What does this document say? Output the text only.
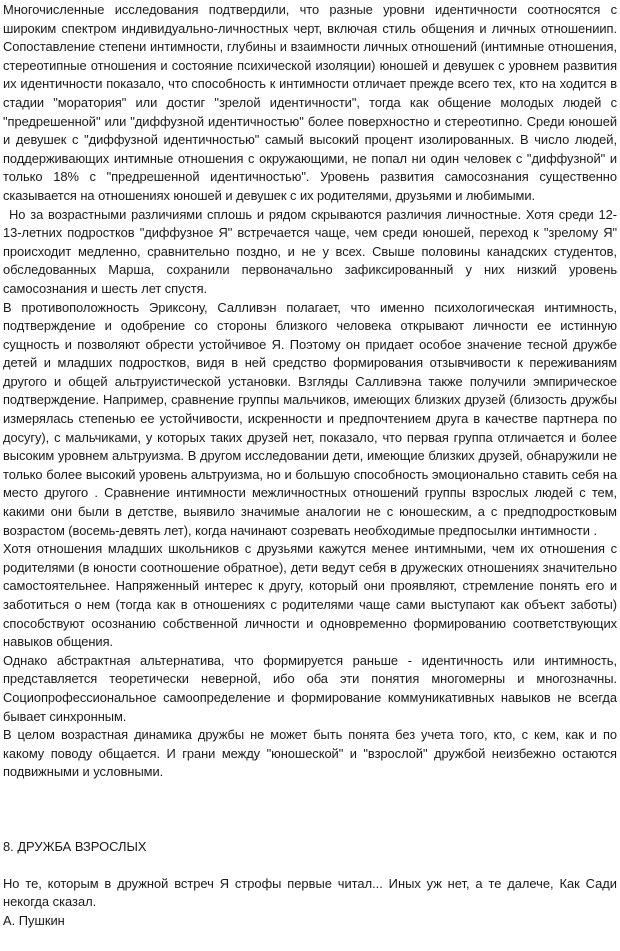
Многочисленные исследования подтвердили, что разные уровни идентичности соотносятся с широким спектром индивидуально-личностных черт, включая стиль общения и личных отношениип. Сопоставление степени интимности, глубины и взаимности личных отношений (интимные отношения, стереотипные отношения и состояние психической изоляции) юношей и девушек с уровнем развития их идентичности показало, что способность к интимности отличает прежде всего тех, кто на ходится в стадии "моратория" или достиг "зрелой идентичности", тогда как общение молодых людей с "предрешенной" или "диффузной идентичностью" более поверхностно и стереотипно. Среди юношей и девушек с "диффузной идентичностью" самый высокий процент изолированных. В число людей, поддерживающих интимные отношения с окружающими, не попал ни один человек с "диффузной" и только 18% с "предрешенной идентичностью". Уровень развития самосознания существенно сказывается на отношениях юношей и девушек с их родителями, друзьями и любимыми.

Но за возрастными различиями сплошь и рядом скрываются различия личностные. Хотя среди 12-13-летних подростков "диффузное Я" встречается чаще, чем среди юношей, переход к "зрелому Я" происходит медленно, сравнительно поздно, и не у всех. Свыше половины канадских студентов, обследованных Марша, сохранили первоначально зафиксированный у них низкий уровень самосознания и шесть лет спустя.

В противоположность Эриксону, Салливэн полагает, что именно психологическая интимность, подтверждение и одобрение со стороны близкого человека открывают личности ее истинную сущность и позволяют обрести устойчивое Я. Поэтому он придает особое значение тесной дружбе детей и младших подростков, видя в ней средство формирования отзывчивости к переживаниям другого и общей альтруистической установки. Взгляды Салливэна также получили эмпирическое подтверждение. Например, сравнение группы мальчиков, имеющих близких друзей (близость дружбы измерялась степенью ее устойчивости, искренности и предпочтением друга в качестве партнера по досугу), с мальчиками, у которых таких друзей нет, показало, что первая группа отличается и более высоким уровнем альтруизма. В другом исследовании дети, имеющие близких друзей, обнаружили не только более высокий уровень альтруизма, но и большую способность эмоционально ставить себя на место другого . Сравнение интимности межличностных отношений группы взрослых людей с тем, какими они были в детстве, выявило значимые аналогии не с юношеским, а с предподростковым возрастом (восемь-девять лет), когда начинают созревать необходимые предпосылки интимности .

Хотя отношения младших школьников с друзьями кажутся менее интимными, чем их отношения с родителями (в юности соотношение обратное), дети ведут себя в дружеских отношениях значительно самостоятельнее. Напряженный интерес к другу, который они проявляют, стремление понять его и заботиться о нем (тогда как в отношениях с родителями чаще сами выступают как объект заботы) способствуют осознанию собственной личности и одновременно формированию соответствующих навыков общения.

Однако абстрактная альтернатива, что формируется раньше - идентичность или интимность, представляется теоретически неверной, ибо оба эти понятия многомерны и многозначны. Социопрофессиональное самоопределение и формирование коммуникативных навыков не всегда бывает синхронным.

В целом возрастная динамика дружбы не может быть понята без учета того, кто, с кем, как и по какому поводу общается. И грани между "юношеской" и "взрослой" дружбой неизбежно остаются подвижными и условными.

8. ДРУЖБА ВЗРОСЛЫХ

Но те, которым в дружной встреч Я строфы первые читал... Иных уж нет, а те далече, Как Сади некогда сказал.

А. Пушкин
